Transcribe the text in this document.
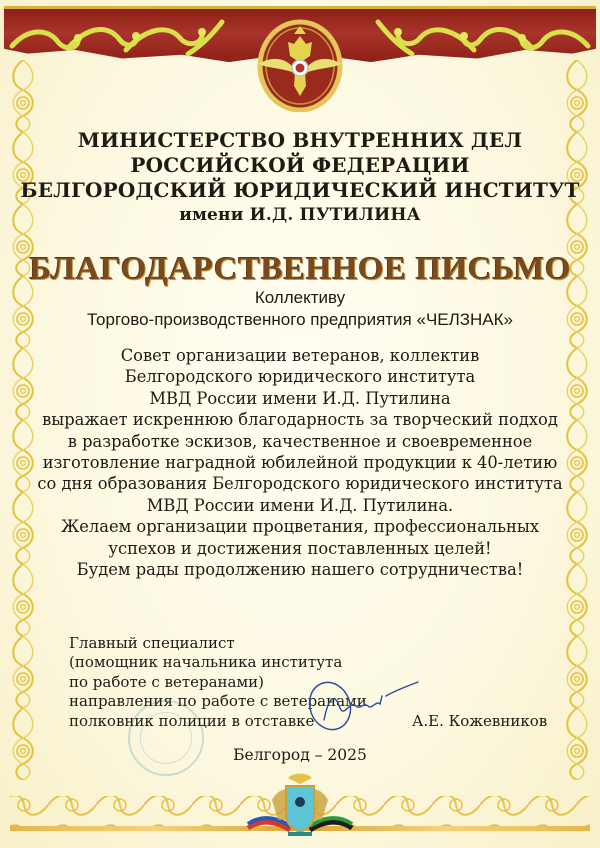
МИНИСТЕРСТВО ВНУТРЕННИХ ДЕЛ
РОССИЙСКОЙ ФЕДЕРАЦИИ
БЕЛГОРОДСКИЙ ЮРИДИЧЕСКИЙ ИНСТИТУТ
имени И.Д. ПУТИЛИНА
БЛАГОДАРСТВЕННОЕ ПИСЬМО
Коллективу
Торгово-производственного предприятия «ЧЕЛЗНАК»
Совет организации ветеранов, коллектив
Белгородского юридического института
МВД России имени И.Д. Путилина
выражает искреннюю благодарность за творческий подход
в разработке эскизов, качественное и своевременное
изготовление наградной юбилейной продукции к 40-летию
со дня образования Белгородского юридического института
МВД России имени И.Д. Путилина.
Желаем организации процветания, профессиональных
успехов и достижения поставленных целей!
Будем рады продолжению нашего сотрудничества!
Главный специалист
(помощник начальника института
по работе с ветеранами)
направления по работе с ветеранами
полковник полиции в отставке	А.Е. Кожевников
Белгород – 2025
